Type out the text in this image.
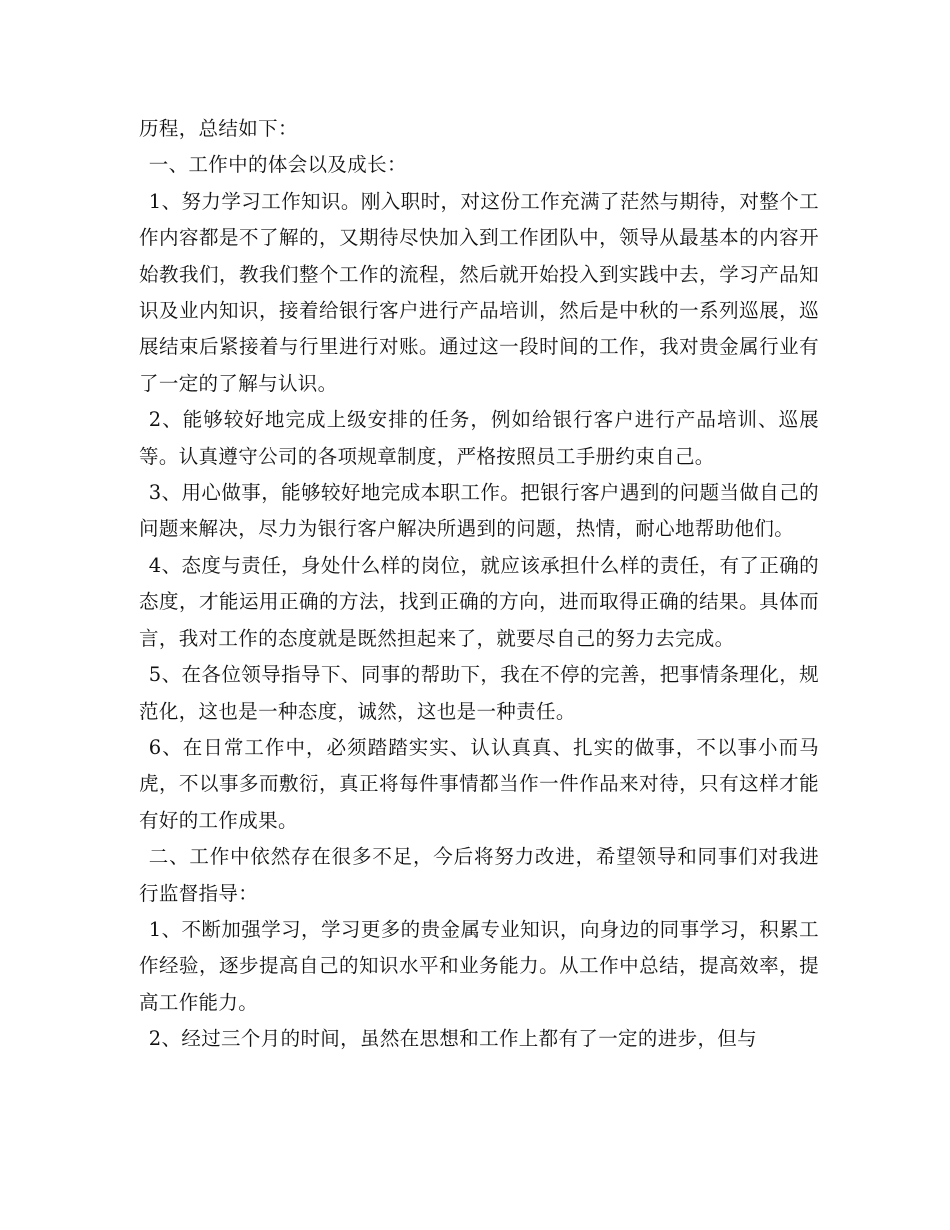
历程，总结如下：

一、工作中的体会以及成长：

1、努力学习工作知识。刚入职时，对这份工作充满了茫然与期待，对整个工作内容都是不了解的，又期待尽快加入到工作团队中，领导从最基本的内容开始教我们，教我们整个工作的流程，然后就开始投入到实践中去，学习产品知识及业内知识，接着给银行客户进行产品培训，然后是中秋的一系列巡展，巡展结束后紧接着与行里进行对账。通过这一段时间的工作，我对贵金属行业有了一定的了解与认识。

2、能够较好地完成上级安排的任务，例如给银行客户进行产品培训、巡展等。认真遵守公司的各项规章制度，严格按照员工手册约束自己。

3、用心做事，能够较好地完成本职工作。把银行客户遇到的问题当做自己的问题来解决，尽力为银行客户解决所遇到的问题，热情，耐心地帮助他们。

4、态度与责任，身处什么样的岗位，就应该承担什么样的责任，有了正确的态度，才能运用正确的方法，找到正确的方向，进而取得正确的结果。具体而言，我对工作的态度就是既然担起来了，就要尽自己的努力去完成。

5、在各位领导指导下、同事的帮助下，我在不停的完善，把事情条理化，规范化，这也是一种态度，诚然，这也是一种责任。

6、在日常工作中，必须踏踏实实、认认真真、扎实的做事，不以事小而马虎，不以事多而敷衍，真正将每件事情都当作一件作品来对待，只有这样才能有好的工作成果。

二、工作中依然存在很多不足，今后将努力改进，希望领导和同事们对我进行监督指导：

1、不断加强学习，学习更多的贵金属专业知识，向身边的同事学习，积累工作经验，逐步提高自己的知识水平和业务能力。从工作中总结，提高效率，提高工作能力。

2、经过三个月的时间，虽然在思想和工作上都有了一定的进步，但与
